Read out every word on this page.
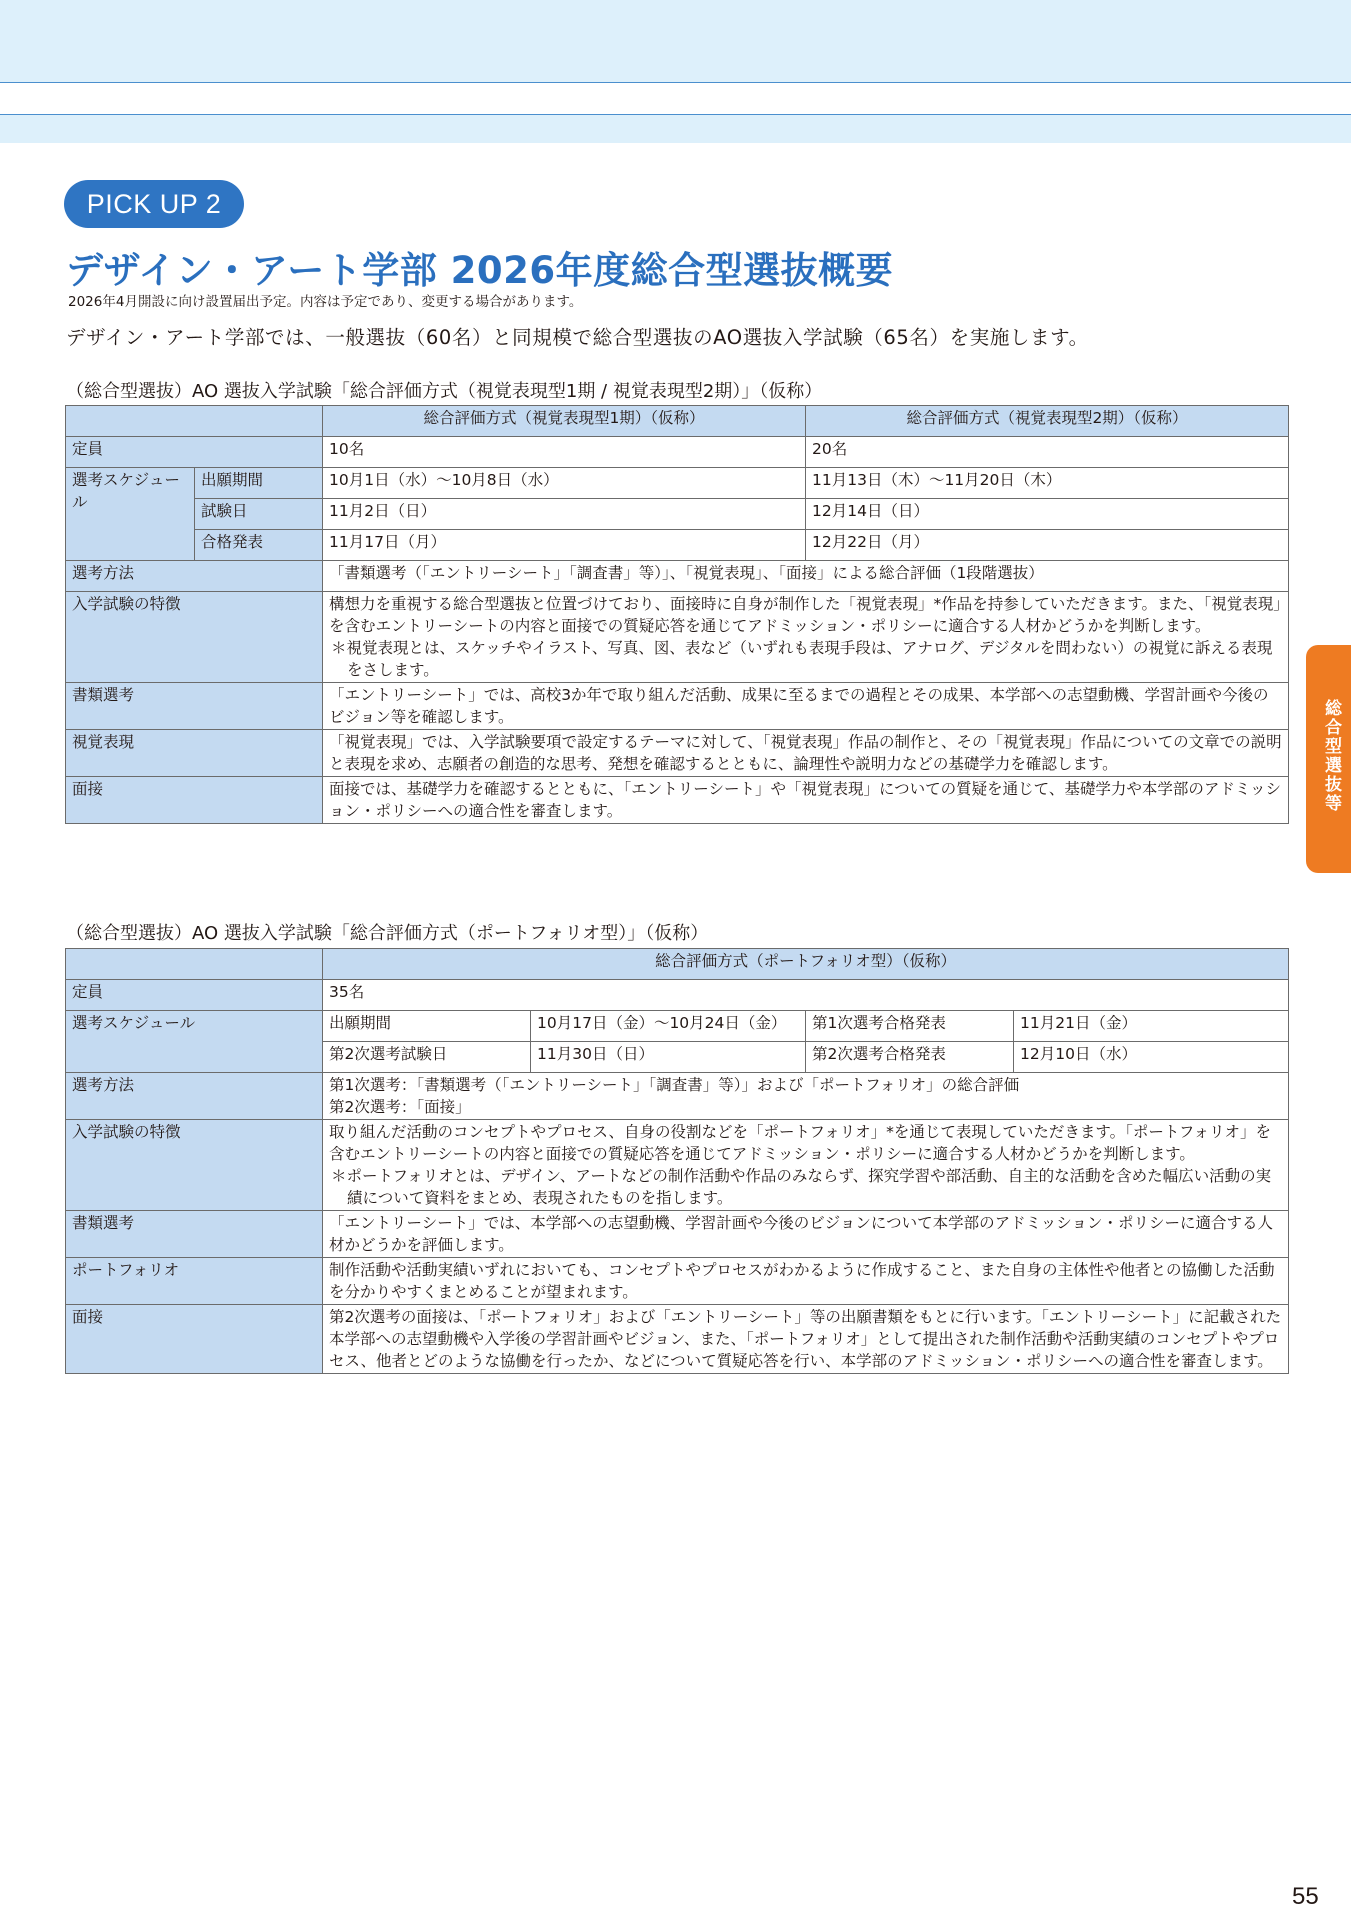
PICK UP 2
デザイン・アート学部 2026年度総合型選抜概要
2026年4月開設に向け設置届出予定。内容は予定であり、変更する場合があります。
デザイン・アート学部では、一般選抜（60名）と同規模で総合型選抜のAO選抜入学試験（65名）を実施します。
（総合型選抜）AO 選抜入学試験「総合評価方式（視覚表現型1期 / 視覚表現型2期）」（仮称）
		総合評価方式（視覚表現型1期）（仮称）	総合評価方式（視覚表現型2期）（仮称）
定員		10名	20名
選考スケジュール	出願期間	10月1日（水）〜10月8日（水）	11月13日（木）〜11月20日（木）
	試験日	11月2日（日）	12月14日（日）
	合格発表	11月17日（月）	12月22日（月）
選考方法		「書類選考（「エントリーシート」「調査書」等）」、「視覚表現」、「面接」による総合評価（1段階選抜）	
入学試験の特徴		構想力を重視する総合型選抜と位置づけており、面接時に自身が制作した「視覚表現」*作品を持参していただきます。また、「視覚表現」を含むエントリーシートの内容と面接での質疑応答を通じてアドミッション・ポリシーに適合する人材かどうかを判断します。
＊視覚表現とは、スケッチやイラスト、写真、図、表など（いずれも表現手段は、アナログ、デジタルを問わない）の視覚に訴える表現をさします。	

書類選考		「エントリーシート」では、高校3か年で取り組んだ活動、成果に至るまでの過程とその成果、本学部への志望動機、学習計画や今後のビジョン等を確認します。	
視覚表現		「視覚表現」では、入学試験要項で設定するテーマに対して、「視覚表現」作品の制作と、その「視覚表現」作品についての文章での説明と表現を求め、志願者の創造的な思考、発想を確認するとともに、論理性や説明力などの基礎学力を確認します。	
面接		面接では、基礎学力を確認するとともに、「エントリーシート」や「視覚表現」についての質疑を通じて、基礎学力や本学部のアドミッション・ポリシーへの適合性を審査します。	
（総合型選抜）AO 選抜入学試験「総合評価方式（ポートフォリオ型）」（仮称）
	総合評価方式（ポートフォリオ型）（仮称）			
定員	35名			
選考スケジュール	出願期間	10月17日（金）〜10月24日（金）	第1次選考合格発表	11月21日（金）
	第2次選考試験日	11月30日（日）	第2次選考合格発表	12月10日（水）
選考方法	第1次選考：「書類選考（「エントリーシート」「調査書」等）」および「ポートフォリオ」の総合評価
第2次選考：「面接」			

入学試験の特徴	取り組んだ活動のコンセプトやプロセス、自身の役割などを「ポートフォリオ」*を通じて表現していただきます。「ポートフォリオ」を含むエントリーシートの内容と面接での質疑応答を通じてアドミッション・ポリシーに適合する人材かどうかを判断します。
＊ポートフォリオとは、デザイン、アートなどの制作活動や作品のみならず、探究学習や部活動、自主的な活動を含めた幅広い活動の実績について資料をまとめ、表現されたものを指します。			

書類選考	「エントリーシート」では、本学部への志望動機、学習計画や今後のビジョンについて本学部のアドミッション・ポリシーに適合する人材かどうかを評価します。			
ポートフォリオ	制作活動や活動実績いずれにおいても、コンセプトやプロセスがわかるように作成すること、また自身の主体性や他者との協働した活動を分かりやすくまとめることが望まれます。			
面接	第2次選考の面接は、「ポートフォリオ」および「エントリーシート」等の出願書類をもとに行います。「エントリーシート」に記載された本学部への志望動機や入学後の学習計画やビジョン、また、「ポートフォリオ」として提出された制作活動や活動実績のコンセプトやプロセス、他者とどのような協働を行ったか、などについて質疑応答を行い、本学部のアドミッション・ポリシーへの適合性を審査します。			
総合型選抜等
55
